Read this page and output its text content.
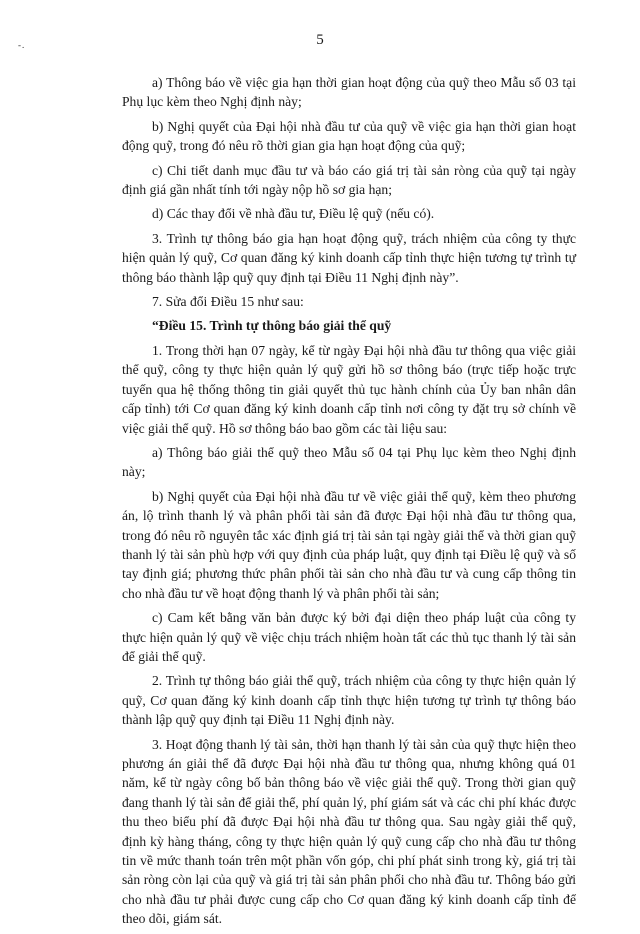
-.	5

a) Thông báo về việc gia hạn thời gian hoạt động của quỹ theo Mẫu số 03 tại Phụ lục kèm theo Nghị định này;

b) Nghị quyết của Đại hội nhà đầu tư của quỹ về việc gia hạn thời gian hoạt động quỹ, trong đó nêu rõ thời gian gia hạn hoạt động của quỹ;

c) Chi tiết danh mục đầu tư và báo cáo giá trị tài sản ròng của quỹ tại ngày định giá gần nhất tính tới ngày nộp hồ sơ gia hạn;

d) Các thay đổi về nhà đầu tư, Điều lệ quỹ (nếu có).

3. Trình tự thông báo gia hạn hoạt động quỹ, trách nhiệm của công ty thực hiện quản lý quỹ, Cơ quan đăng ký kinh doanh cấp tỉnh thực hiện tương tự trình tự thông báo thành lập quỹ quy định tại Điều 11 Nghị định này”.

7. Sửa đổi Điều 15 như sau:

“Điều 15. Trình tự thông báo giải thể quỹ

1. Trong thời hạn 07 ngày, kể từ ngày Đại hội nhà đầu tư thông qua việc giải thể quỹ, công ty thực hiện quản lý quỹ gửi hồ sơ thông báo (trực tiếp hoặc trực tuyến qua hệ thống thông tin giải quyết thủ tục hành chính của Ủy ban nhân dân cấp tỉnh) tới Cơ quan đăng ký kinh doanh cấp tỉnh nơi công ty đặt trụ sở chính về việc giải thể quỹ. Hồ sơ thông báo bao gồm các tài liệu sau:

a) Thông báo giải thể quỹ theo Mẫu số 04 tại Phụ lục kèm theo Nghị định này;

b) Nghị quyết của Đại hội nhà đầu tư về việc giải thể quỹ, kèm theo phương án, lộ trình thanh lý và phân phối tài sản đã được Đại hội nhà đầu tư thông qua, trong đó nêu rõ nguyên tắc xác định giá trị tài sản tại ngày giải thể và thời gian quỹ thanh lý tài sản phù hợp với quy định của pháp luật, quy định tại Điều lệ quỹ và số tay định giá; phương thức phân phối tài sản cho nhà đầu tư và cung cấp thông tin cho nhà đầu tư về hoạt động thanh lý và phân phối tài sản;

c) Cam kết bằng văn bản được ký bởi đại diện theo pháp luật của công ty thực hiện quản lý quỹ về việc chịu trách nhiệm hoàn tất các thủ tục thanh lý tài sản để giải thể quỹ.

2. Trình tự thông báo giải thể quỹ, trách nhiệm của công ty thực hiện quản lý quỹ, Cơ quan đăng ký kinh doanh cấp tỉnh thực hiện tương tự trình tự thông báo thành lập quỹ quy định tại Điều 11 Nghị định này.

3. Hoạt động thanh lý tài sản, thời hạn thanh lý tài sản của quỹ thực hiện theo phương án giải thể đã được Đại hội nhà đầu tư thông qua, nhưng không quá 01 năm, kể từ ngày công bố bản thông báo về việc giải thể quỹ. Trong thời gian quỹ đang thanh lý tài sản để giải thể, phí quản lý, phí giám sát và các chi phí khác được thu theo biểu phí đã được Đại hội nhà đầu tư thông qua. Sau ngày giải thể quỹ, định kỳ hàng tháng, công ty thực hiện quản lý quỹ cung cấp cho nhà đầu tư thông tin về mức thanh toán trên một phần vốn góp, chi phí phát sinh trong kỳ, giá trị tài sản ròng còn lại của quỹ và giá trị tài sản phân phối cho nhà đầu tư. Thông báo gửi cho nhà đầu tư phải được cung cấp cho Cơ quan đăng ký kinh doanh cấp tỉnh để theo dõi, giám sát.
